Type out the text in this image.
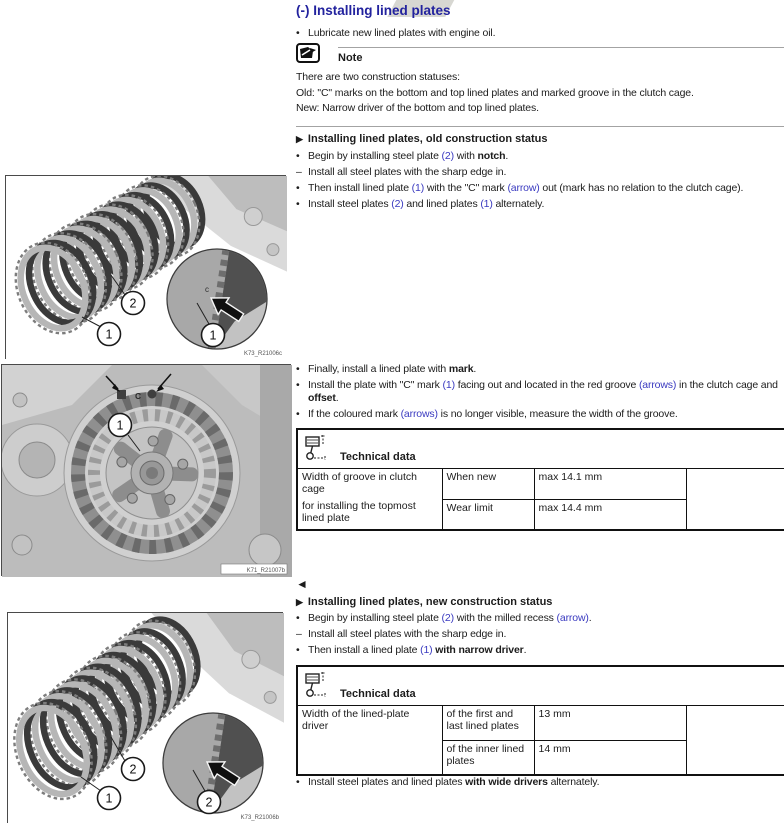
c
1
2
1
K73_R21006c
C
1
K71_R21007b
2
2
1
K73_R21006b
(-) Installing lined plates
• Lubricate new lined plates with engine oil.
Note
There are two construction statuses:
Old: "C" marks on the bottom and top lined plates and marked groove in the clutch cage.
New: Narrow driver of the bottom and top lined plates.
▶ Installing lined plates, old construction status
• Begin by installing steel plate (2) with notch.
– Install all steel plates with the sharp edge in.
• Then install lined plate (1) with the "C" mark (arrow) out (mark has no relation to the clutch cage).
• Install steel plates (2) and lined plates (1) alternately.
• Finally, install a lined plate with mark.
• Install the plate with "C" mark (1) facing out and located in the red groove (arrows) in the clutch cage and offset.
• If the coloured mark (arrows) is no longer visible, measure the width of the groove.
Technical data			

Width of groove in clutch cage
for installing the topmost lined plate	When new	max 14.1 mm	
	Wear limit	max 14.4 mm	
◄
▶ Installing lined plates, new construction status
• Begin by installing steel plate (2) with the milled recess (arrow).
– Install all steel plates with the sharp edge in.
• Then install a lined plate (1) with narrow driver.
Technical data			

Width of the lined-plate driver	of the first and last lined plates	13 mm	
	of the inner lined plates	14 mm	
• Install steel plates and lined plates with wide drivers alternately.
